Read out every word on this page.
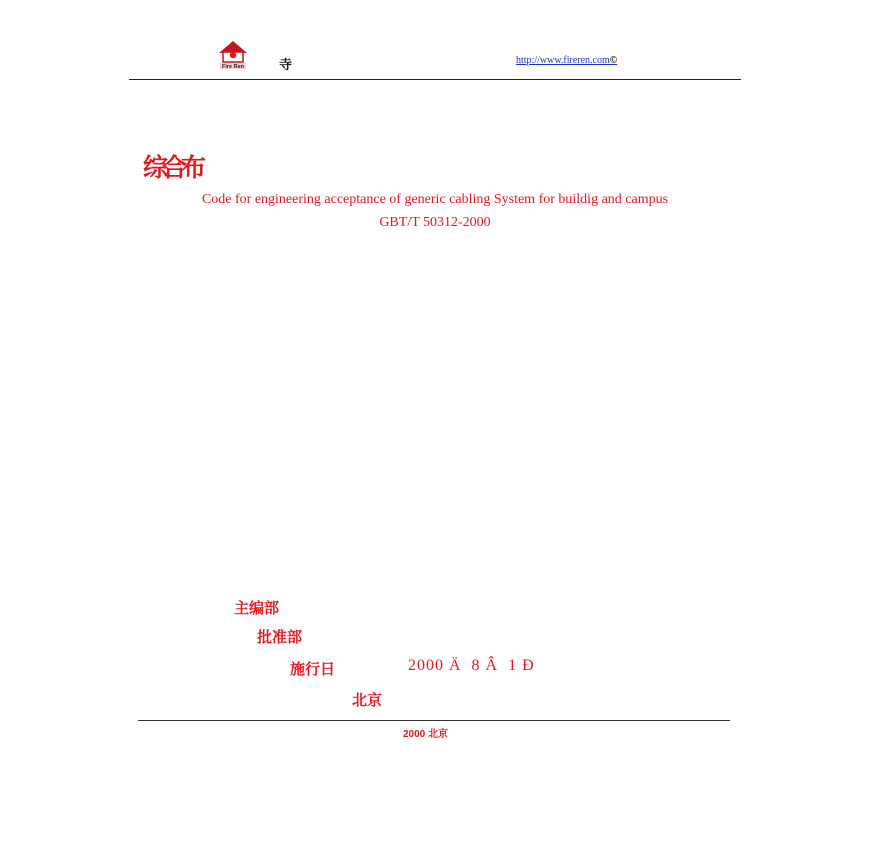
Fire Ren	寺	http://www.fireren.com©
综合布
Code for engineering acceptance of generic cabling System for buildig and campus
GBT/T 50312-2000
主编部
批准部
施行日	2000 Ä  8 Â  1 Ð
北京
2000 北京
